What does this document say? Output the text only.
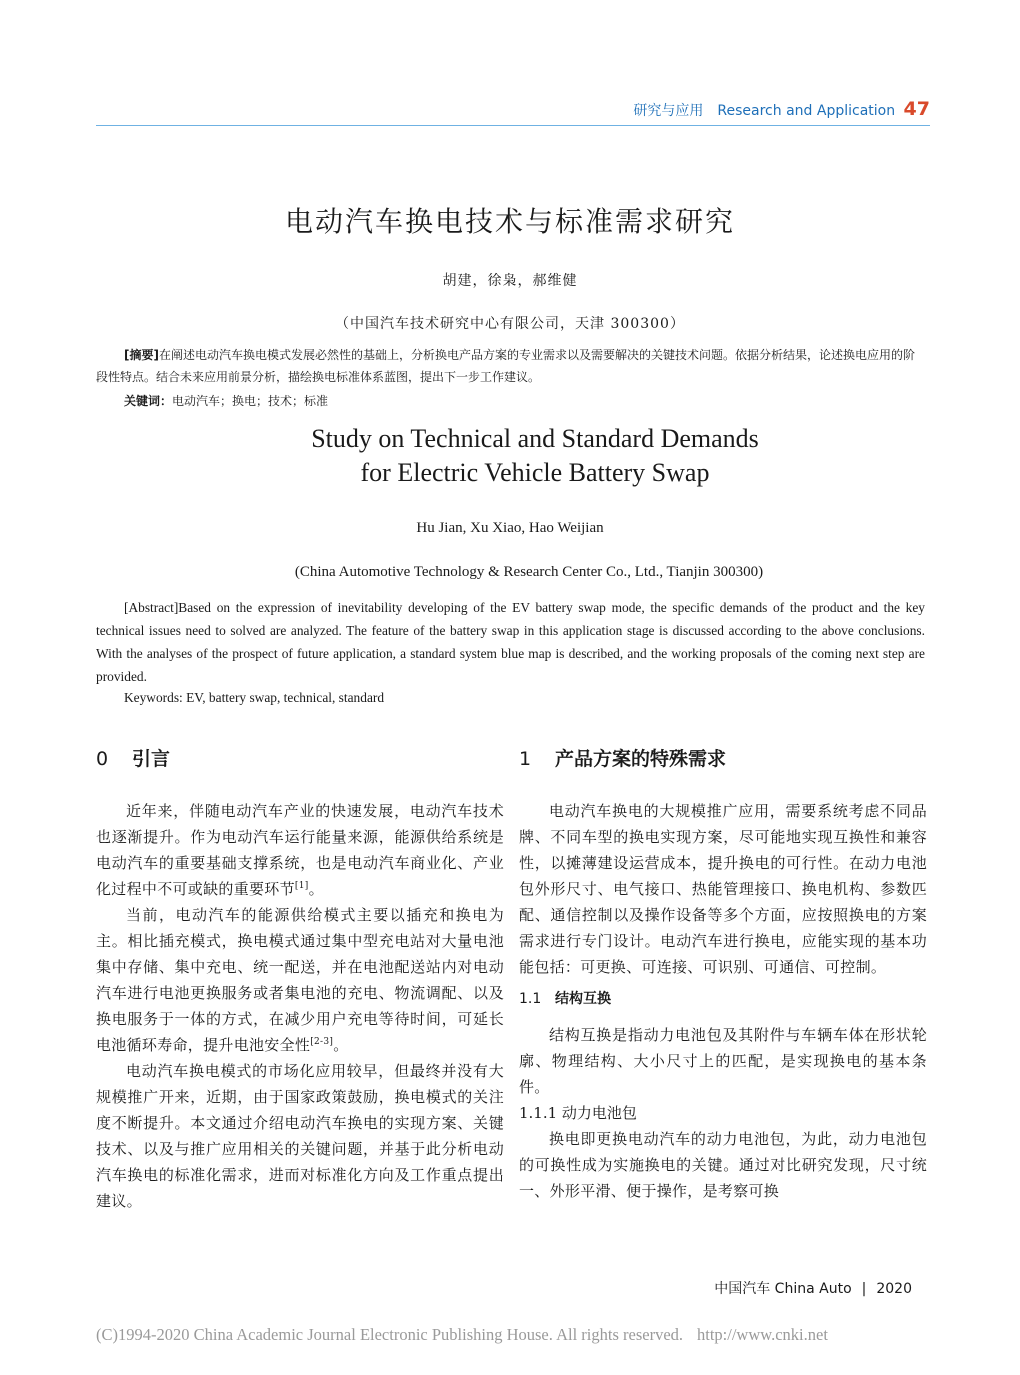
研究与应用 Research and Application 47
电动汽车换电技术与标准需求研究
胡建，徐枭，郝维健
（中国汽车技术研究中心有限公司，天津 300300）
[摘要]在阐述电动汽车换电模式发展必然性的基础上，分析换电产品方案的专业需求以及需要解决的关键技术问题。依据分析结果，论述换电应用的阶段性特点。结合未来应用前景分析，描绘换电标准体系蓝图，提出下一步工作建议。
关键词：电动汽车；换电；技术；标准
Study on Technical and Standard Demands
for Electric Vehicle Battery Swap
Hu Jian, Xu Xiao, Hao Weijian
(China Automotive Technology & Research Center Co., Ltd., Tianjin 300300)
[Abstract]Based on the expression of inevitability developing of the EV battery swap mode, the specific demands of the product and the key technical issues need to solved are analyzed. The feature of the battery swap in this application stage is discussed according to the above conclusions. With the analyses of the prospect of future application, a standard system blue map is described, and the working proposals of the coming next step are provided.
Keywords: EV, battery swap, technical, standard
0 引言

近年来，伴随电动汽车产业的快速发展，电动汽车技术也逐渐提升。作为电动汽车运行能量来源，能源供给系统是电动汽车的重要基础支撑系统，也是电动汽车商业化、产业化过程中不可或缺的重要环节[1]。

当前，电动汽车的能源供给模式主要以插充和换电为主。相比插充模式，换电模式通过集中型充电站对大量电池集中存储、集中充电、统一配送，并在电池配送站内对电动汽车进行电池更换服务或者集电池的充电、物流调配、以及换电服务于一体的方式，在减少用户充电等待时间，可延长电池循环寿命，提升电池安全性[2-3]。

电动汽车换电模式的市场化应用较早，但最终并没有大规模推广开来，近期，由于国家政策鼓励，换电模式的关注度不断提升。本文通过介绍电动汽车换电的实现方案、关键技术、以及与推广应用相关的关键问题，并基于此分析电动汽车换电的标准化需求，进而对标准化方向及工作重点提出建议。

1 产品方案的特殊需求

电动汽车换电的大规模推广应用，需要系统考虑不同品牌、不同车型的换电实现方案，尽可能地实现互换性和兼容性，以摊薄建设运营成本，提升换电的可行性。在动力电池包外形尺寸、电气接口、热能管理接口、换电机构、参数匹配、通信控制以及操作设备等多个方面，应按照换电的方案需求进行专门设计。电动汽车进行换电，应能实现的基本功能包括：可更换、可连接、可识别、可通信、可控制。

1.1 结构互换

结构互换是指动力电池包及其附件与车辆车体在形状轮廓、物理结构、大小尺寸上的匹配，是实现换电的基本条件。

1.1.1 动力电池包

换电即更换电动汽车的动力电池包，为此，动力电池包的可换性成为实施换电的关键。通过对比研究发现，尺寸统一、外形平滑、便于操作，是考察可换

中国汽车 China Auto | 2020
(C)1994-2020 China Academic Journal Electronic Publishing House. All rights reserved. http://www.cnki.net
